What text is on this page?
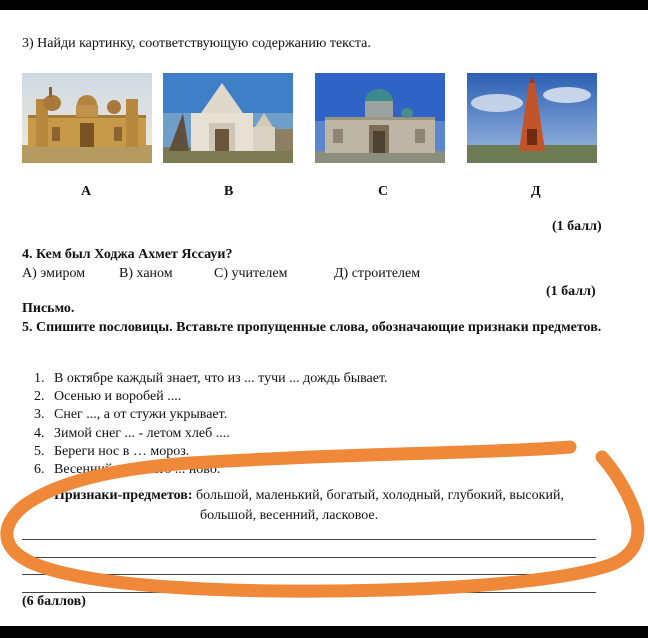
3) Найди картинку, соответствующую содержанию текста.
А	В	С	Д
(1 балл)
4. Кем был Ходжа Ахмет Яссауи?
А) эмиром В) ханом	С) учителем	Д) строителем
(1 балл)
Письмо.
5. Спишите пословицы. Вставьте пропущенные слова, обозначающие признаки предметов.
1. В октябре каждый знает, что из ... тучи ... дождь бывает.
2. Осенью и воробей ....
3. Снег ..., а от стужи укрывает.
4. Зимой снег ... - летом хлеб ....
5. Береги нос в … мороз.
6. Весенний день- что ... ново.
Признаки-предметов: большой, маленький, богатый, холодный, глубокий, высокий,
большой, весенний, ласковое.
(6 баллов)
